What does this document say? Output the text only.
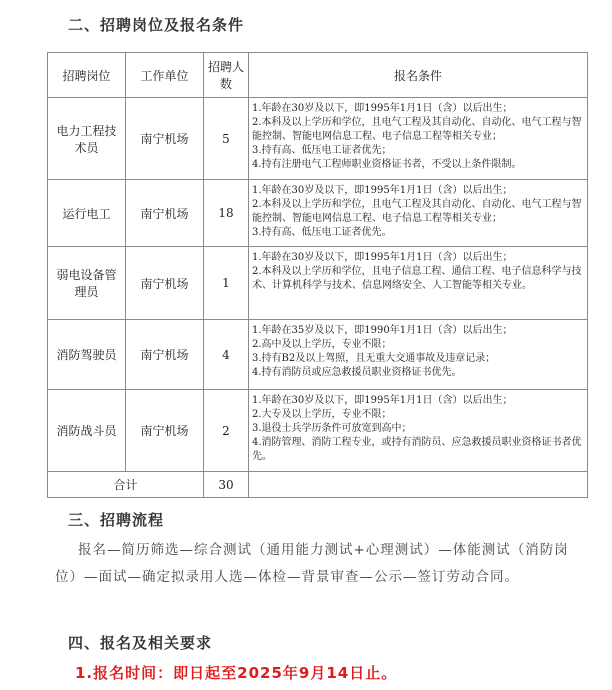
二、招聘岗位及报名条件
招聘岗位	工作单位	招聘人数	报名条件
电力工程技术员	南宁机场	5	1.年龄在30岁及以下，即1995年1月1日（含）以后出生；
2.本科及以上学历和学位，且电气工程及其自动化、自动化、电气工程与智能控制、智能电网信息工程、电子信息工程等相关专业；
3.持有高、低压电工证者优先；
4.持有注册电气工程师职业资格证书者，不受以上条件限制。

运行电工	南宁机场	18	1.年龄在30岁及以下，即1995年1月1日（含）以后出生；
2.本科及以上学历和学位，且电气工程及其自动化、自动化、电气工程与智能控制、智能电网信息工程、电子信息工程等相关专业；
3.持有高、低压电工证者优先。

弱电设备管理员	南宁机场	1	1.年龄在30岁及以下，即1995年1月1日（含）以后出生；
2.本科及以上学历和学位，且电子信息工程、通信工程、电子信息科学与技术、计算机科学与技术、信息网络安全、人工智能等相关专业。

消防驾驶员	南宁机场	4	1.年龄在35岁及以下，即1990年1月1日（含）以后出生；
2.高中及以上学历，专业不限；
3.持有B2及以上驾照，且无重大交通事故及违章记录；
4.持有消防员或应急救援员职业资格证书优先。

消防战斗员	南宁机场	2	1.年龄在30岁及以下，即1995年1月1日（含）以后出生；
2.大专及以上学历，专业不限；
3.退役士兵学历条件可放宽到高中；
4.消防管理、消防工程专业，或持有消防员、应急救援员职业资格证书者优先。

合计		30	
三、招聘流程
报名—简历筛选—综合测试（通用能力测试+心理测试）—体能测试（消防岗位）—面试—确定拟录用人选—体检—背景审查—公示—签订劳动合同。
四、报名及相关要求
1.报名时间：即日起至2025年9月14日止。
